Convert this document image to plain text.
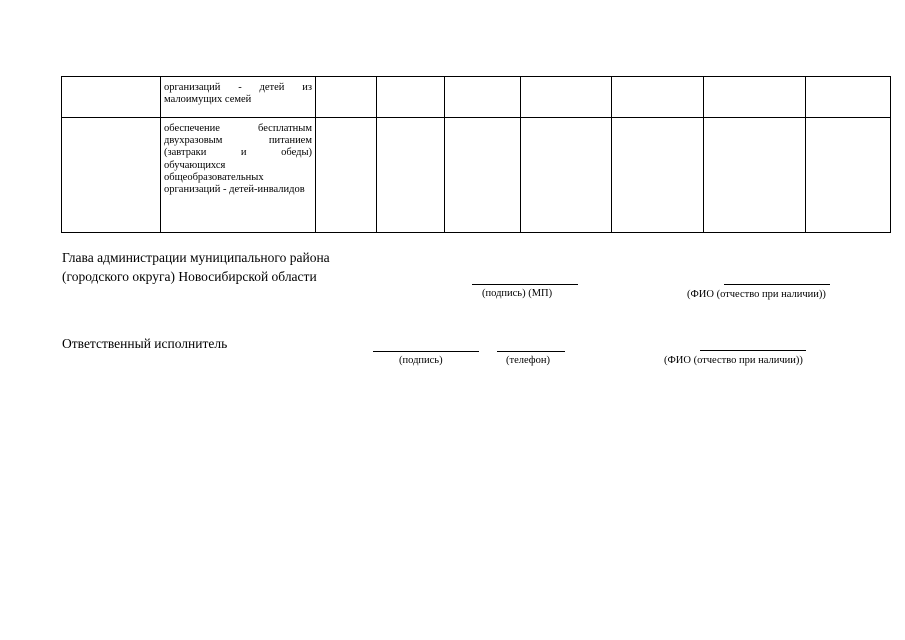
	организаций - детей из малоимущих семей							

	обеспечение бесплатным двухразовым питанием (завтраки и обеды) обучающихся общеобразовательных организаций - детей-инвалидов							

Глава администрации муниципального района
(городского округа) Новосибирской области
(подпись) (МП)	(ФИО (отчество при наличии))
Ответственный исполнитель
(подпись)	(телефон)	(ФИО (отчество при наличии))
